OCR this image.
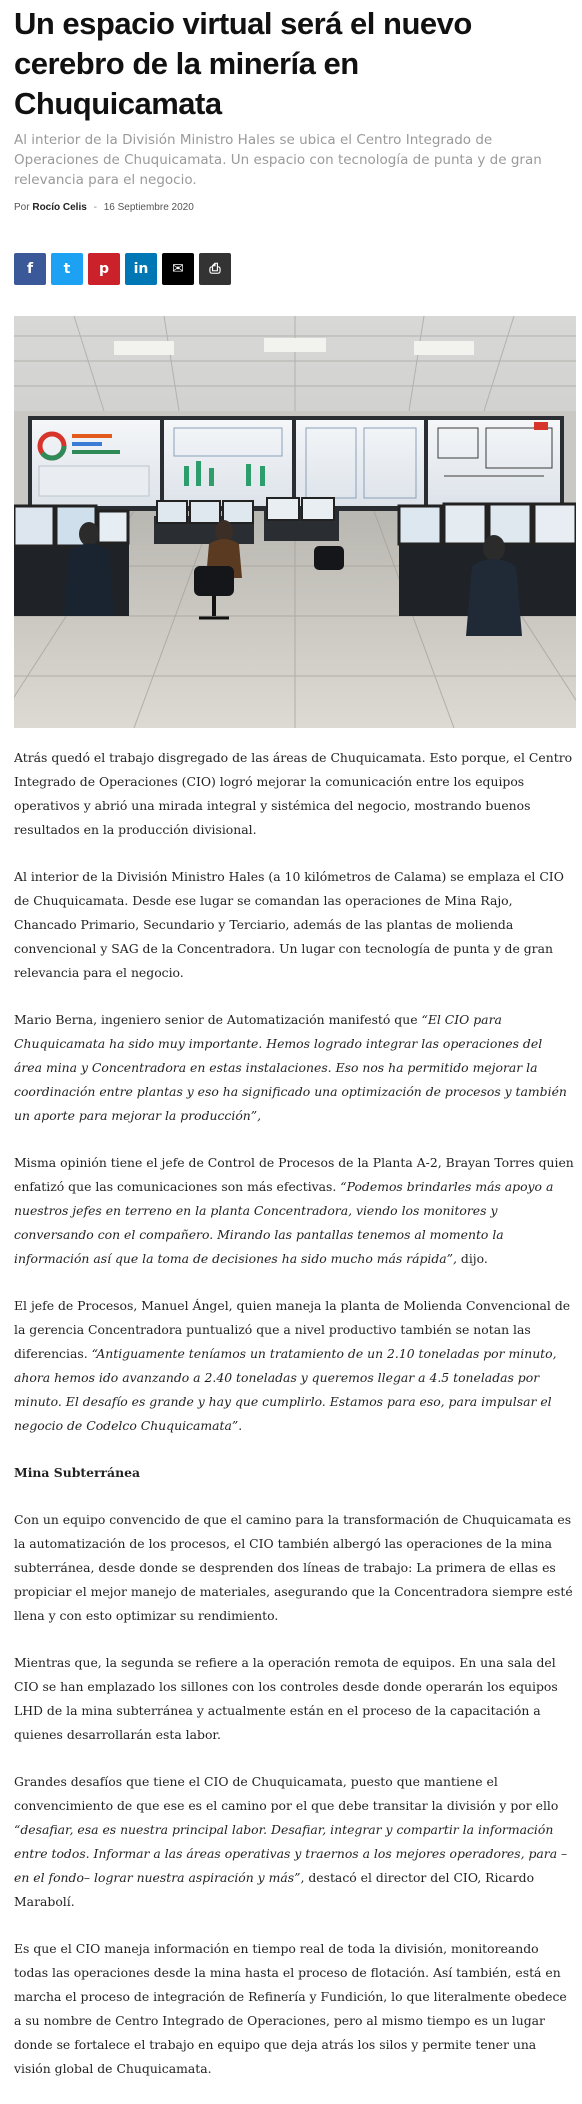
Un espacio virtual será el nuevo cerebro de la minería en Chuquicamata

Al interior de la División Ministro Hales se ubica el Centro Integrado de Operaciones de Chuquicamata. Un espacio con tecnología de punta y de gran relevancia para el negocio.

Por Rocío Celis - 16 Septiembre 2020
f t p in ✉ ⎙

Atrás quedó el trabajo disgregado de las áreas de Chuquicamata. Esto porque, el Centro Integrado de Operaciones (CIO) logró mejorar la comunicación entre los equipos operativos y abrió una mirada integral y sistémica del negocio, mostrando buenos resultados en la producción divisional.

Al interior de la División Ministro Hales (a 10 kilómetros de Calama) se emplaza el CIO de Chuquicamata. Desde ese lugar se comandan las operaciones de Mina Rajo, Chancado Primario, Secundario y Terciario, además de las plantas de molienda convencional y SAG de la Concentradora. Un lugar con tecnología de punta y de gran relevancia para el negocio.

Mario Berna, ingeniero senior de Automatización manifestó que “El CIO para Chuquicamata ha sido muy importante. Hemos logrado integrar las operaciones del área mina y Concentradora en estas instalaciones. Eso nos ha permitido mejorar la coordinación entre plantas y eso ha significado una optimización de procesos y también un aporte para mejorar la producción”,

Misma opinión tiene el jefe de Control de Procesos de la Planta A-2, Brayan Torres quien enfatizó que las comunicaciones son más efectivas. “Podemos brindarles más apoyo a nuestros jefes en terreno en la planta Concentradora, viendo los monitores y conversando con el compañero. Mirando las pantallas tenemos al momento la información así que la toma de decisiones ha sido mucho más rápida”, dijo.

El jefe de Procesos, Manuel Ángel, quien maneja la planta de Molienda Convencional de la gerencia Concentradora puntualizó que a nivel productivo también se notan las diferencias. “Antiguamente teníamos un tratamiento de un 2.10 toneladas por minuto, ahora hemos ido avanzando a 2.40 toneladas y queremos llegar a 4.5 toneladas por minuto. El desafío es grande y hay que cumplirlo. Estamos para eso, para impulsar el negocio de Codelco Chuquicamata”.

Mina Subterránea

Con un equipo convencido de que el camino para la transformación de Chuquicamata es la automatización de los procesos, el CIO también albergó las operaciones de la mina subterránea, desde donde se desprenden dos líneas de trabajo: La primera de ellas es propiciar el mejor manejo de materiales, asegurando que la Concentradora siempre esté llena y con esto optimizar su rendimiento.

Mientras que, la segunda se refiere a la operación remota de equipos. En una sala del CIO se han emplazado los sillones con los controles desde donde operarán los equipos LHD de la mina subterránea y actualmente están en el proceso de la capacitación a quienes desarrollarán esta labor.

Grandes desafíos que tiene el CIO de Chuquicamata, puesto que mantiene el convencimiento de que ese es el camino por el que debe transitar la división y por ello “desafiar, esa es nuestra principal labor. Desafiar, integrar y compartir la información entre todos. Informar a las áreas operativas y traernos a los mejores operadores, para –en el fondo– lograr nuestra aspiración y más”, destacó el director del CIO, Ricardo Marabolí.

Es que el CIO maneja información en tiempo real de toda la división, monitoreando todas las operaciones desde la mina hasta el proceso de flotación. Así también, está en marcha el proceso de integración de Refinería y Fundición, lo que literalmente obedece a su nombre de Centro Integrado de Operaciones, pero al mismo tiempo es un lugar donde se fortalece el trabajo en equipo que deja atrás los silos y permite tener una visión global de Chuquicamata.
